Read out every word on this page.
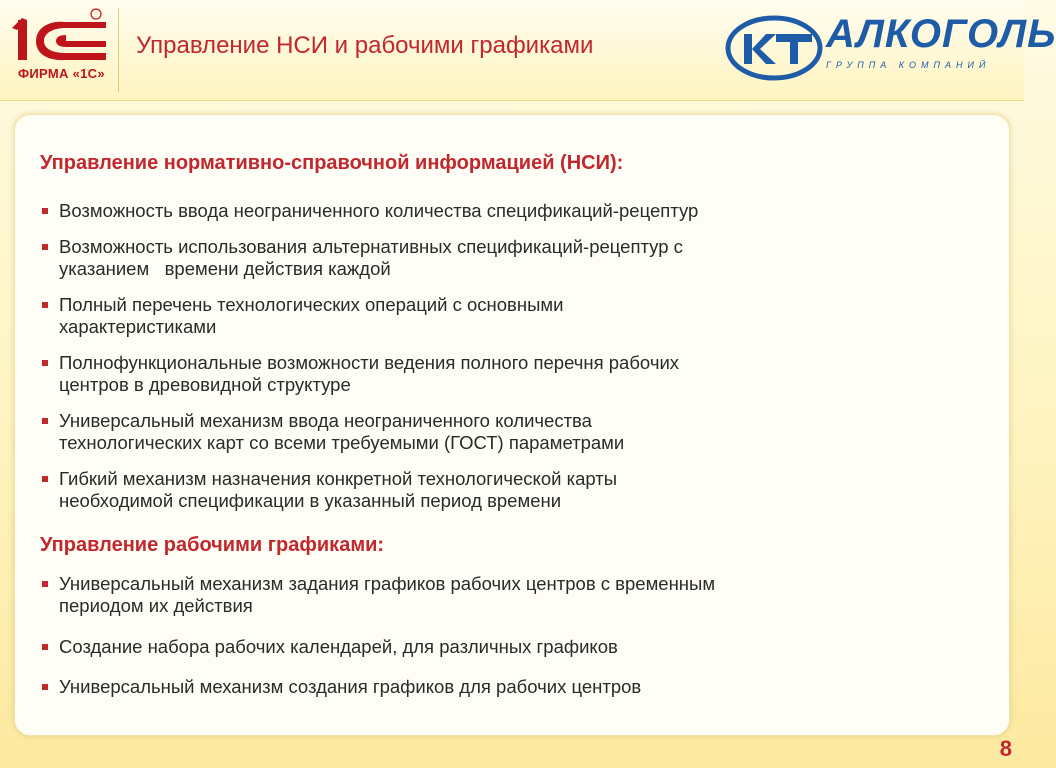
ФИРМА «1С»
Управление НСИ и рабочими графиками	АЛКОГОЛЬ
ГРУППА КОМПАНИЙ
Управление нормативно-справочной информацией (НСИ):
Возможность ввода неограниченного количества спецификаций-рецептур
Возможность использования альтернативных спецификаций-рецептур с
указанием   времени действия каждой
Полный перечень технологических операций с основными
характеристиками
Полнофункциональные возможности ведения полного перечня рабочих
центров в древовидной структуре
Универсальный механизм ввода неограниченного количества
технологических карт со всеми требуемыми (ГОСТ) параметрами
Гибкий механизм назначения конкретной технологической карты
необходимой спецификации в указанный период времени
Управление рабочими графиками:
Универсальный механизм задания графиков рабочих центров с временным
периодом их действия
Создание набора рабочих календарей, для различных графиков
Универсальный механизм создания графиков для рабочих центров
8
